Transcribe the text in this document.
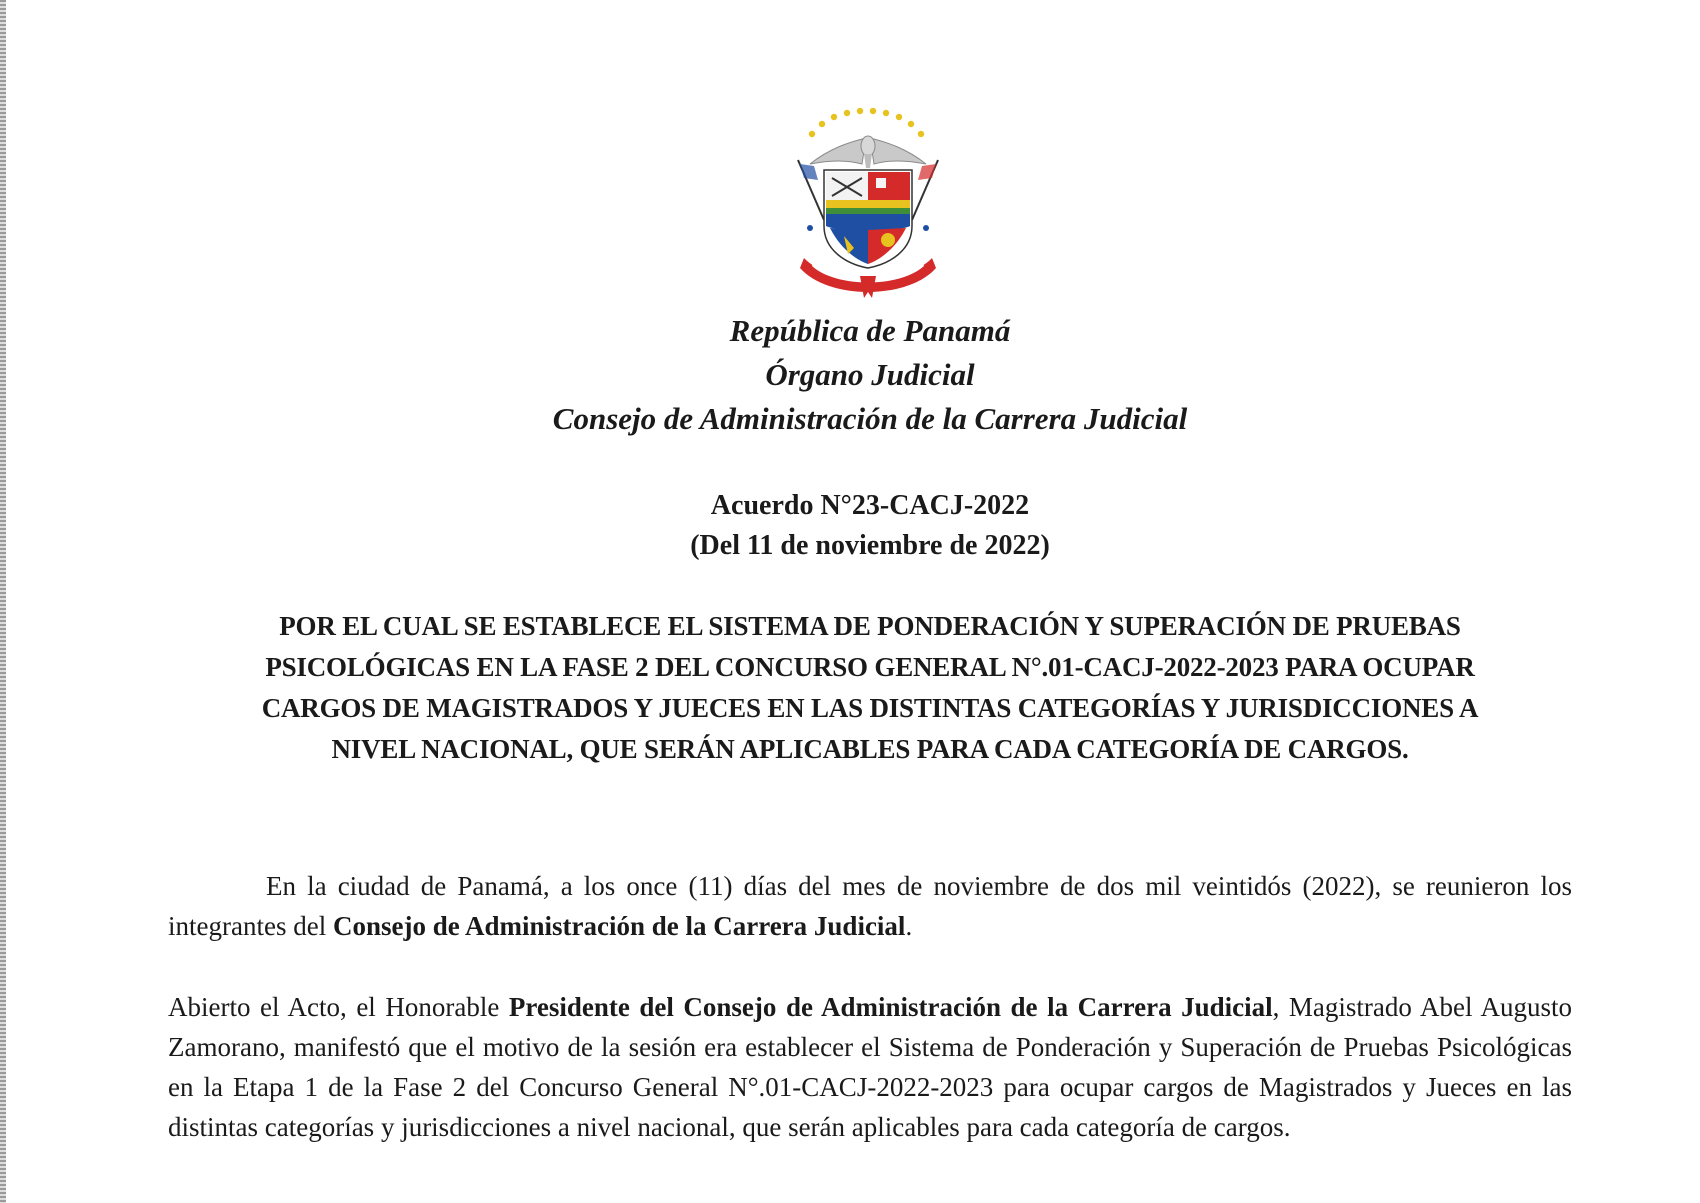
República de Panamá
Órgano Judicial
Consejo de Administración de la Carrera Judicial
Acuerdo N°23-CACJ-2022
(Del 11 de noviembre de 2022)
POR EL CUAL SE ESTABLECE EL SISTEMA DE PONDERACIÓN Y SUPERACIÓN DE PRUEBAS
PSICOLÓGICAS EN LA FASE 2 DEL CONCURSO GENERAL N°.01-CACJ-2022-2023 PARA OCUPAR
CARGOS DE MAGISTRADOS Y JUECES EN LAS DISTINTAS CATEGORÍAS Y JURISDICCIONES A
NIVEL NACIONAL, QUE SERÁN APLICABLES PARA CADA CATEGORÍA DE CARGOS.

En la ciudad de Panamá, a los once (11) días del mes de noviembre de dos mil veintidós (2022), se reunieron los integrantes del Consejo de Administración de la Carrera Judicial.

Abierto el Acto, el Honorable Presidente del Consejo de Administración de la Carrera Judicial, Magistrado Abel Augusto Zamorano, manifestó que el motivo de la sesión era establecer el Sistema de Ponderación y Superación de Pruebas Psicológicas en la Etapa 1 de la Fase 2 del Concurso General N°.01-CACJ-2022-2023 para ocupar cargos de Magistrados y Jueces en las distintas categorías y jurisdicciones a nivel nacional, que serán aplicables para cada categoría de cargos.
